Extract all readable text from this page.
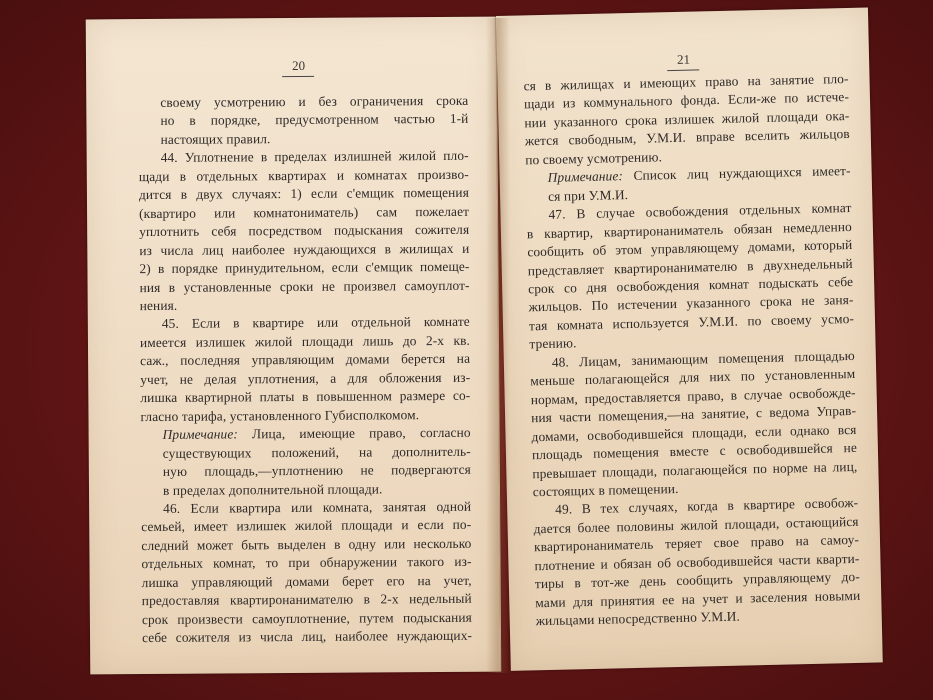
20
своему усмотрению и без ограничения срока
но в порядке, предусмотренном частью 1-й
настоящих правил.
44. Уплотнение в пределах излишней жилой пло-
щади в отдельных квартирах и комнатах произво-
дится в двух случаях: 1) если с'емщик помещения
(квартиро или комнатониматель) сам пожелает
уплотнить себя посредством подыскания сожителя
из числа лиц наиболее нуждающихся в жилищах и
2) в порядке принудительном, если с'емщик помеще-
ния в установленные сроки не произвел самоуплот-
нения.
45. Если в квартире или отдельной комнате
имеется излишек жилой площади лишь до 2-х кв.
саж., последняя управляющим домами берется на
учет, не делая уплотнения, а для обложения из-
лишка квартирной платы в повышенном размере со-
гласно тарифа, установленного Губисполкомом.
Примечание: Лица, имеющие право, согласно
существующих положений, на дополнитель-
ную площадь,—уплотнению не подвергаются
в пределах дополнительной площади.
46. Если квартира или комната, занятая одной
семьей, имеет излишек жилой площади и если по-
следний может быть выделен в одну или несколько
отдельных комнат, то при обнаружении такого из-
лишка управляющий домами берет его на учет,
предоставляя квартиронанимателю в 2-х недельный
срок произвести самоуплотнение, путем подыскания
себе сожителя из числа лиц, наиболее нуждающих-
21
ся в жилищах и имеющих право на занятие пло-
щади из коммунального фонда. Если-же по истече-
нии указанного срока излишек жилой площади ока-
жется свободным, У.М.И. вправе вселить жильцов
по своему усмотрению.
Примечание: Список лиц нуждающихся имеет-
ся при У.М.И.
47. В случае освобождения отдельных комнат
в квартир, квартиронаниматель обязан немедленно
сообщить об этом управляющему домами, который
представляет квартиронанимателю в двухнедельный
срок со дня освобождения комнат подыскать себе
жильцов. По истечении указанного срока не заня-
тая комната используется У.М.И. по своему усмо-
трению.
48. Лицам, занимающим помещения площадью
меньше полагающейся для них по установленным
нормам, предоставляется право, в случае освобожде-
ния части помещения,—на занятие, с ведома Управ-
домами, освободившейся площади, если однако вся
площадь помещения вместе с освободившейся не
превышает площади, полагающейся по норме на лиц,
состоящих в помещении.
49. В тех случаях, когда в квартире освобож-
дается более половины жилой площади, остающийся
квартиронаниматель теряет свое право на самоу-
плотнение и обязан об освободившейся части кварти-
тиры в тот-же день сообщить управляющему до-
мами для принятия ее на учет и заселения новыми
жильцами непосредственно У.М.И.
